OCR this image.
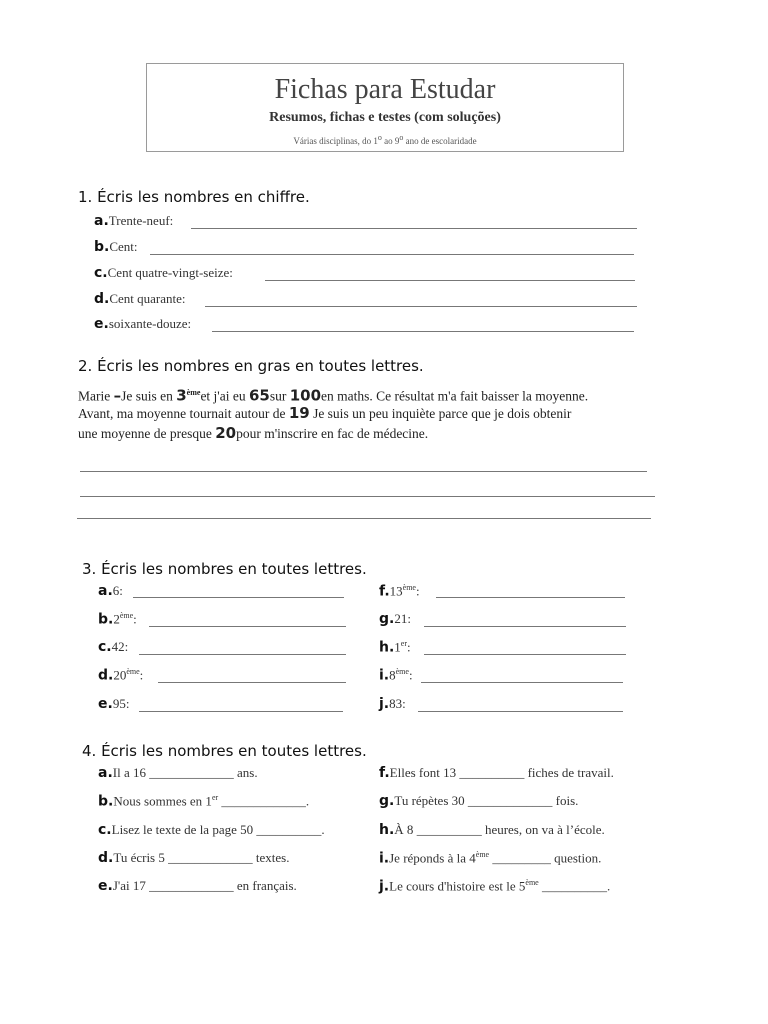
Fichas para Estudar
Resumos, fichas e testes (com soluções)
Várias disciplinas, do 1$^o$ ao 9$^o$ ano de escolaridade
1. Écris les nombres en chiffre.
a.Trente-neuf:
b.Cent:
c.Cent quatre-vingt-seize:
d.Cent quarante:
e.soixante-douze:
2. Écris les nombres en gras en toutes lettres.
Marie –Je suis en 3èmeet j'ai eu 65sur 100en maths. Ce résultat m'a fait baisser la moyenne.
Avant, ma moyenne tournait autour de 19 Je suis un peu inquiète parce que je dois obtenir
une moyenne de presque 20pour m'inscrire en fac de médecine.
3. Écris les nombres en toutes lettres.
a.6:
b.2ème:
c.42:
d.20ème:
e.95:
f.13ème:
g.21:
h.1er:
i.8ème:
j.83:
4. Écris les nombres en toutes lettres.
a.Il a 16 _____________ ans.
b.Nous sommes en 1er _____________.
c.Lisez le texte de la page 50 __________.
d.Tu écris 5 _____________ textes.
e.J'ai 17 _____________ en français.
f.Elles font 13 __________ fiches de travail.
g.Tu répètes 30 _____________ fois.
h.À 8 __________ heures, on va à l’école.
i.Je réponds à la 4ème _________ question.
j.Le cours d'histoire est le 5ème __________.
